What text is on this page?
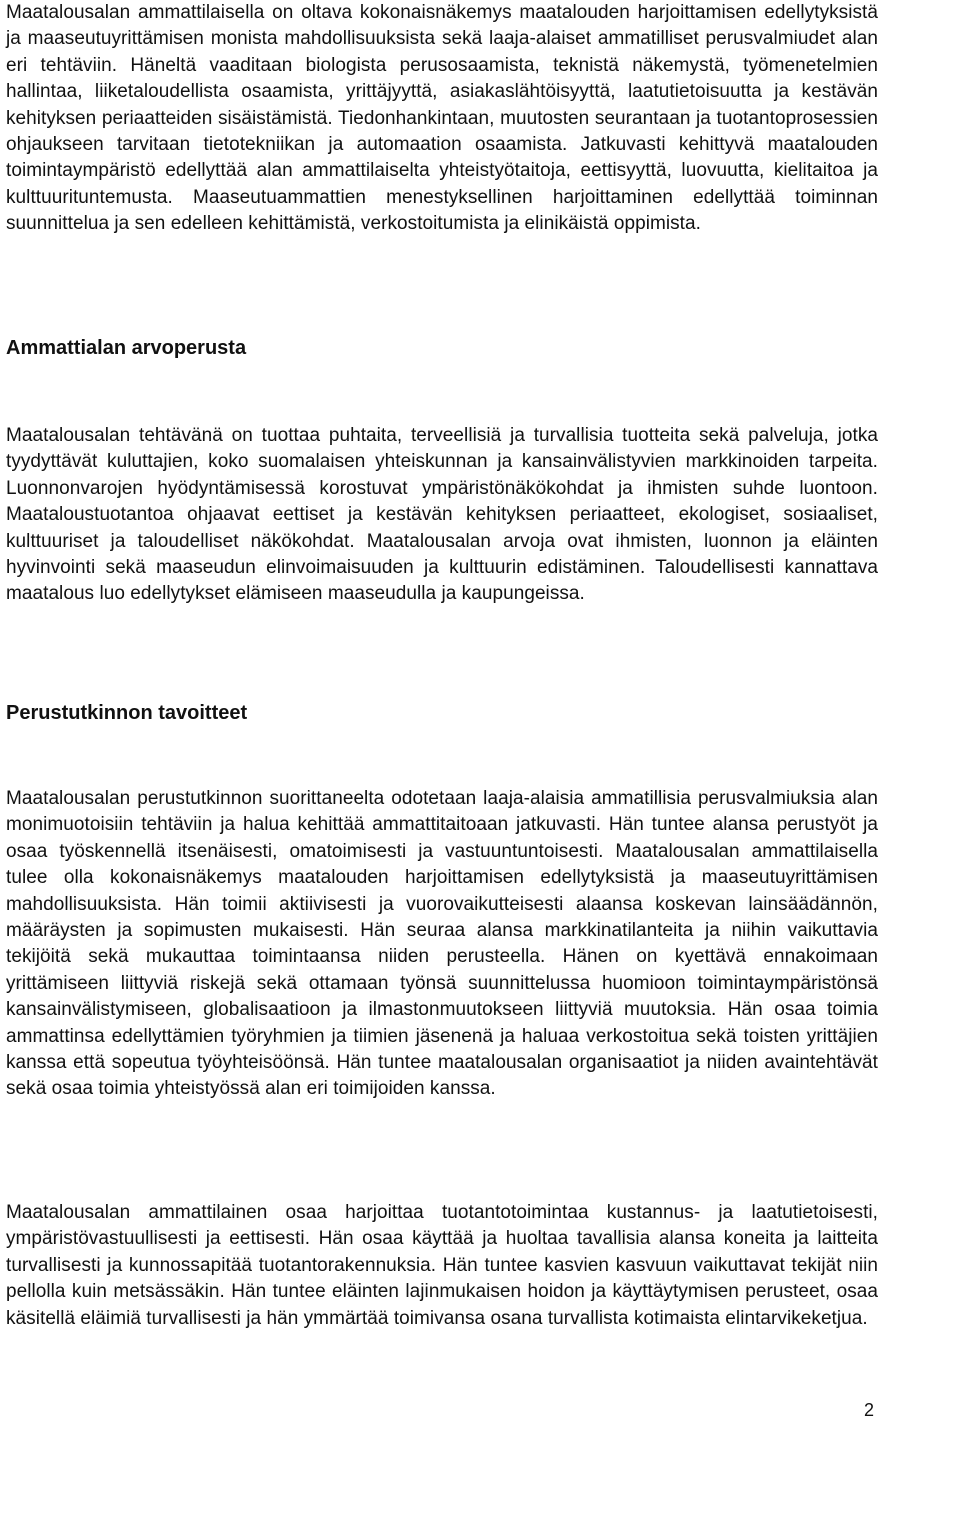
Maatalousalan ammattilaisella on oltava kokonaisnäkemys maatalouden harjoittamisen edellytyksistä ja maaseutuyrittämisen monista mahdollisuuksista sekä laaja-alaiset ammatilliset perusvalmiudet alan eri tehtäviin. Häneltä vaaditaan biologista perusosaamista, teknistä näkemystä, työmenetelmien hallintaa, liiketaloudellista osaamista, yrittäjyyttä, asiakaslähtöisyyttä, laatutietoisuutta ja kestävän kehityksen periaatteiden sisäistämistä. Tiedonhankintaan, muutosten seurantaan ja tuotantoprosessien ohjaukseen tarvitaan tietotekniikan ja automaation osaamista. Jatkuvasti kehittyvä maatalouden toimintaympäristö edellyttää alan ammattilaiselta yhteistyötaitoja, eettisyyttä, luovuutta, kielitaitoa ja kulttuurituntemusta. Maaseutuammattien menestyksellinen harjoittaminen edellyttää toiminnan suunnittelua ja sen edelleen kehittämistä, verkostoitumista ja elinikäistä oppimista.

Ammattialan arvoperusta

Maatalousalan tehtävänä on tuottaa puhtaita, terveellisiä ja turvallisia tuotteita sekä palveluja, jotka tyydyttävät kuluttajien, koko suomalaisen yhteiskunnan ja kansainvälistyvien markkinoiden tarpeita. Luonnonvarojen hyödyntämisessä korostuvat ympäristönäkökohdat ja ihmisten suhde luontoon. Maataloustuotantoa ohjaavat eettiset ja kestävän kehityksen periaatteet, ekologiset, sosiaaliset, kulttuuriset ja taloudelliset näkökohdat. Maatalousalan arvoja ovat ihmisten, luonnon ja eläinten hyvinvointi sekä maaseudun elinvoimaisuuden ja kulttuurin edistäminen. Taloudellisesti kannattava maatalous luo edellytykset elämiseen maaseudulla ja kaupungeissa.

Perustutkinnon tavoitteet

Maatalousalan perustutkinnon suorittaneelta odotetaan laaja-alaisia ammatillisia perusvalmiuksia alan monimuotoisiin tehtäviin ja halua kehittää ammattitaitoaan jatkuvasti. Hän tuntee alansa perustyöt ja osaa työskennellä itsenäisesti, omatoimisesti ja vastuuntuntoisesti. Maatalousalan ammattilaisella tulee olla kokonaisnäkemys maatalouden harjoittamisen edellytyksistä ja maaseutuyrittämisen mahdollisuuksista. Hän toimii aktiivisesti ja vuorovaikutteisesti alaansa koskevan lainsäädännön, määräysten ja sopimusten mukaisesti. Hän seuraa alansa markkinatilanteita ja niihin vaikuttavia tekijöitä sekä mukauttaa toimintaansa niiden perusteella. Hänen on kyettävä ennakoimaan yrittämiseen liittyviä riskejä sekä ottamaan työnsä suunnittelussa huomioon toimintaympäristönsä kansainvälistymiseen, globalisaatioon ja ilmastonmuutokseen liittyviä muutoksia. Hän osaa toimia ammattinsa edellyttämien työryhmien ja tiimien jäsenenä ja haluaa verkostoitua sekä toisten yrittäjien kanssa että sopeutua työyhteisöönsä. Hän tuntee maatalousalan organisaatiot ja niiden avaintehtävät sekä osaa toimia yhteistyössä alan eri toimijoiden kanssa.

Maatalousalan ammattilainen osaa harjoittaa tuotantotoimintaa kustannus- ja laatutietoisesti, ympäristövastuullisesti ja eettisesti. Hän osaa käyttää ja huoltaa tavallisia alansa koneita ja laitteita turvallisesti ja kunnossapitää tuotantorakennuksia. Hän tuntee kasvien kasvuun vaikuttavat tekijät niin pellolla kuin metsässäkin. Hän tuntee eläinten lajinmukaisen hoidon ja käyttäytymisen perusteet, osaa käsitellä eläimiä turvallisesti ja hän ymmärtää toimivansa osana turvallista kotimaista elintarvikeketjua.

2
